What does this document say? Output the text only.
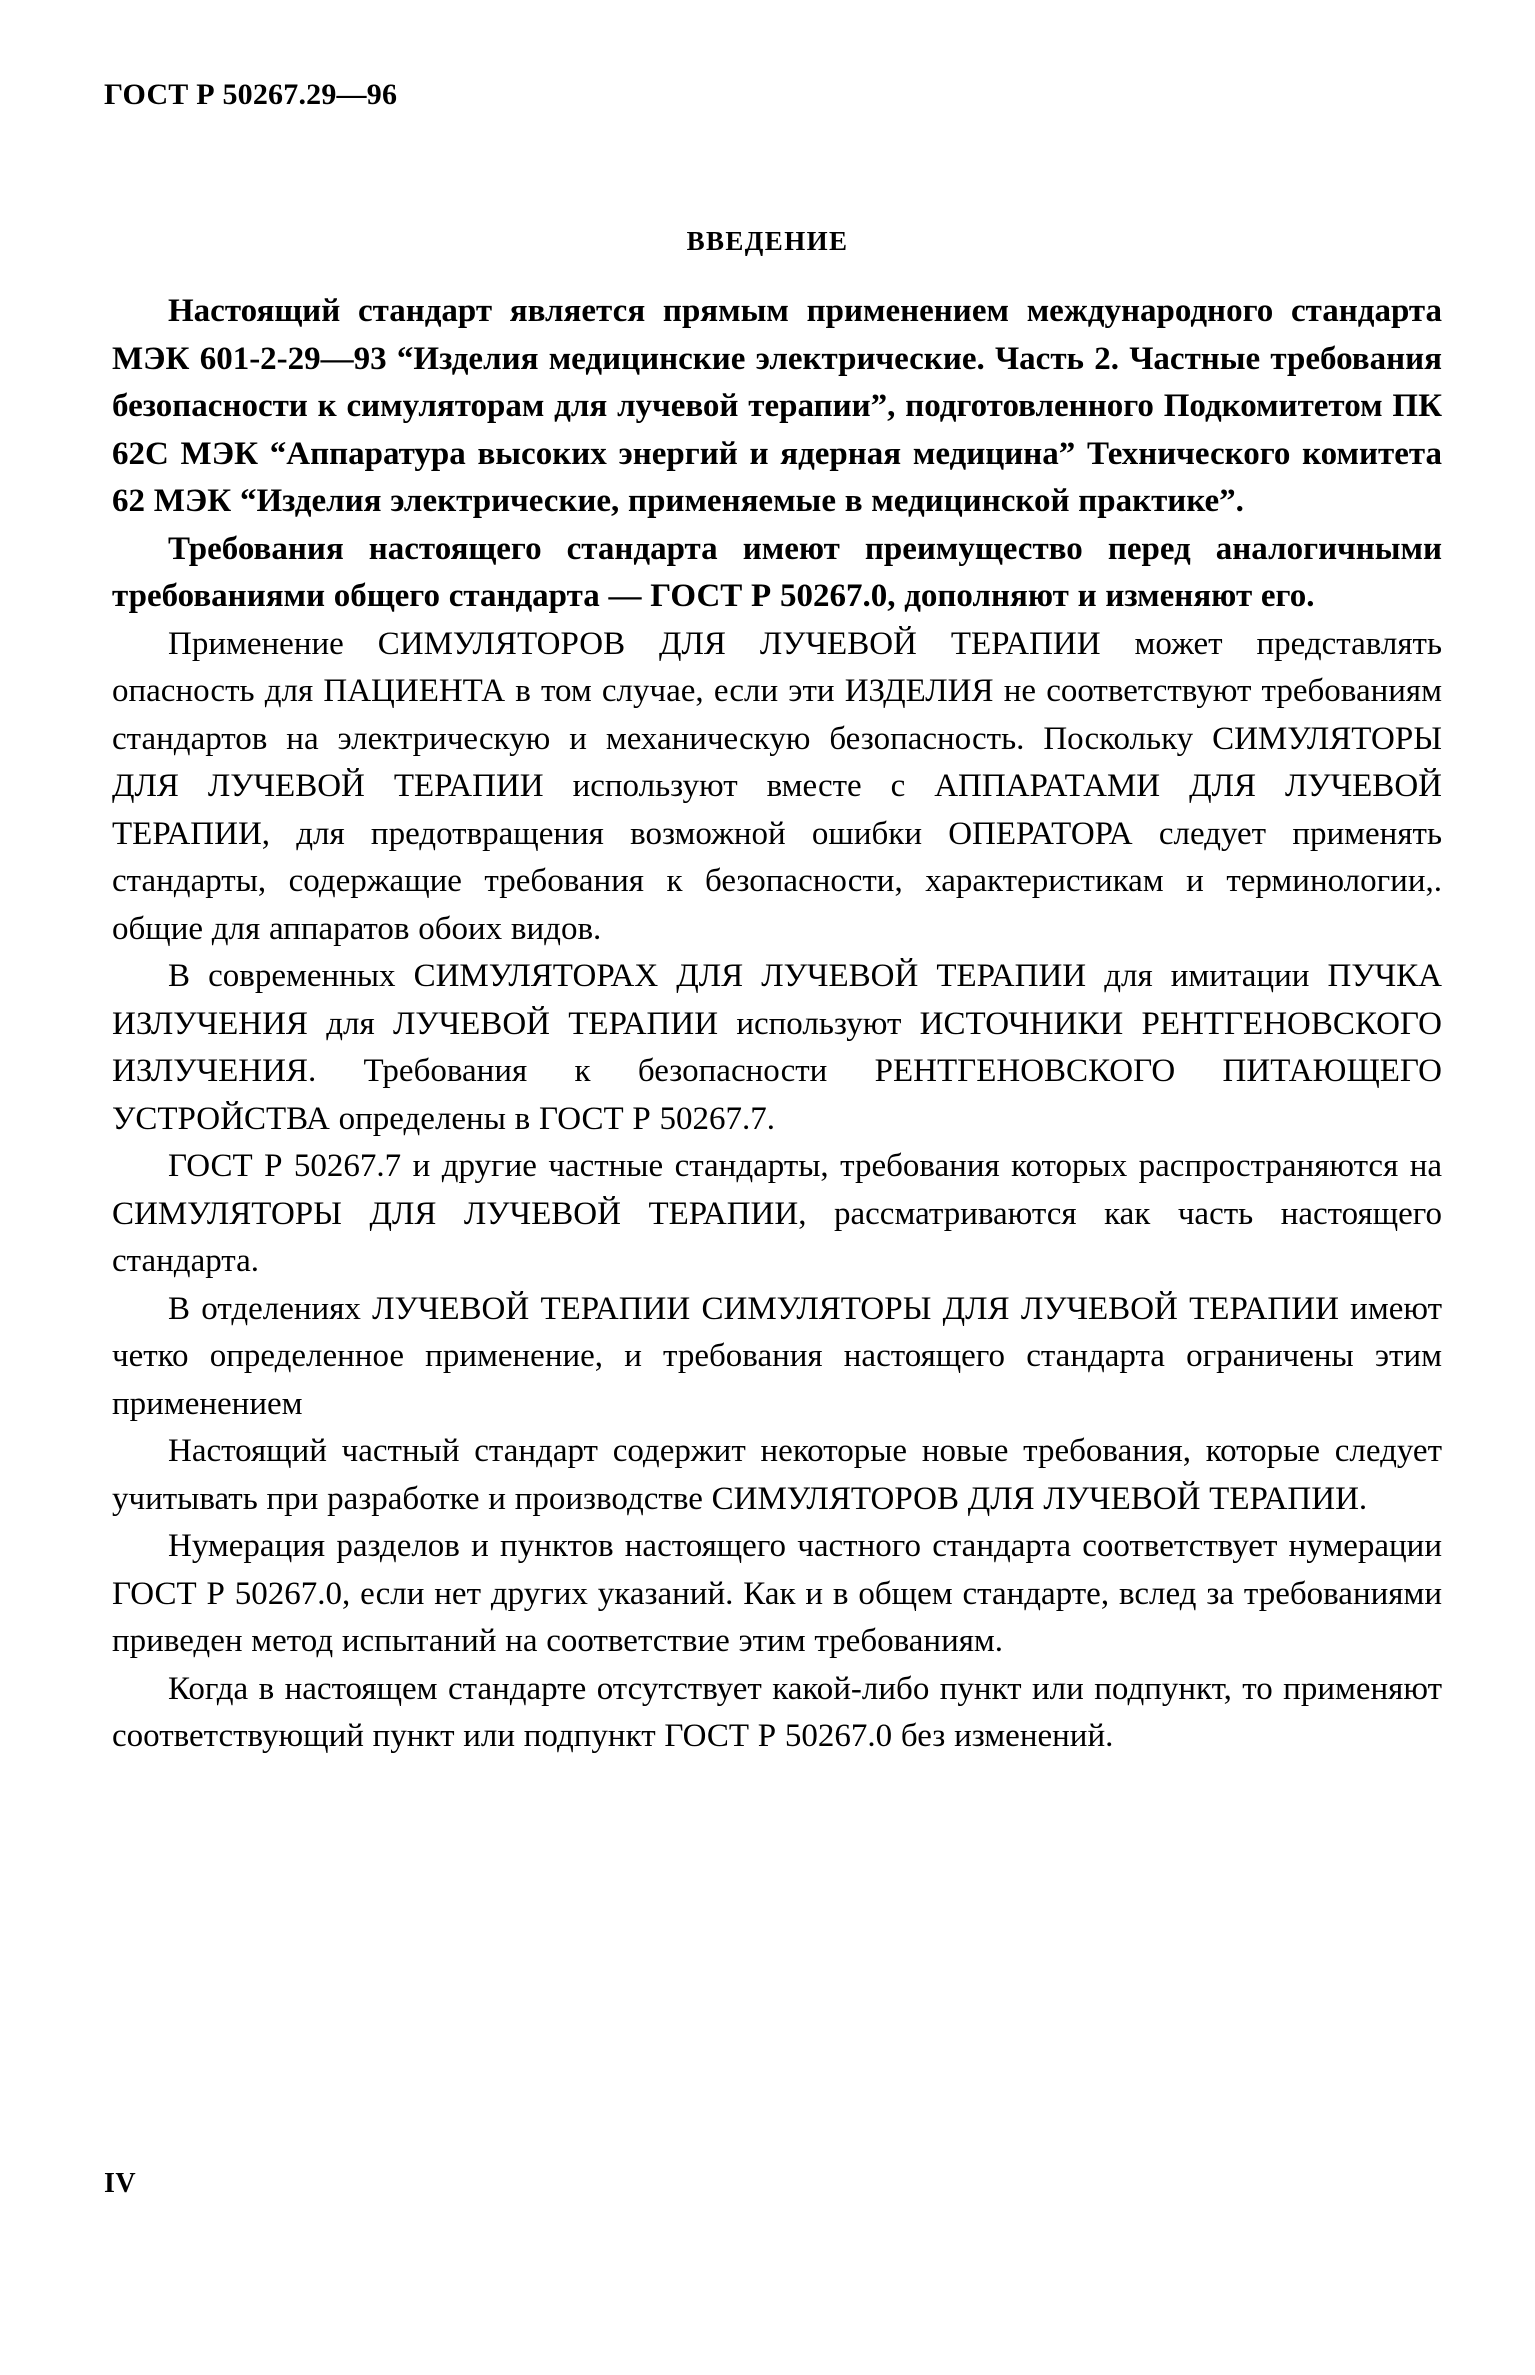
ГОСТ Р 50267.29—96
ВВЕДЕНИЕ

Настоящий стандарт является прямым применением международного стандарта МЭК 601-2-29—93 “Изделия медицинские электрические. Часть 2. Частные требования безопасности к симуляторам для лучевой терапии”, подготовленного Подкомитетом ПК 62С МЭК “Аппаратура высоких энергий и ядерная медицина” Технического комитета 62 МЭК “Изделия электрические, применяемые в медицинской практике”.

Требования настоящего стандарта имеют преимущество перед аналогичными требованиями общего стандарта — ГОСТ Р 50267.0, дополняют и изменяют его.

Применение СИМУЛЯТОРОВ ДЛЯ ЛУЧЕВОЙ ТЕРАПИИ может представлять опасность для ПАЦИЕНТА в том случае, если эти ИЗДЕЛИЯ не соответствуют требованиям стандартов на электрическую и механическую безопасность. Поскольку СИМУЛЯТОРЫ ДЛЯ ЛУЧЕВОЙ ТЕРАПИИ используют вместе с АППАРАТАМИ ДЛЯ ЛУЧЕВОЙ ТЕРАПИИ, для предотвращения возможной ошибки ОПЕРАТОРА следует применять стандарты, содержащие требования к безопасности, характеристикам и терминологии,. общие для аппаратов обоих видов.

В современных СИМУЛЯТОРАХ ДЛЯ ЛУЧЕВОЙ ТЕРАПИИ для имитации ПУЧКА ИЗЛУЧЕНИЯ для ЛУЧЕВОЙ ТЕРАПИИ используют ИСТОЧНИКИ РЕНТГЕНОВСКОГО ИЗЛУЧЕНИЯ. Требования к безопасности РЕНТГЕНОВСКОГО ПИТАЮЩЕГО УСТРОЙСТВА определены в ГОСТ Р 50267.7.

ГОСТ Р 50267.7 и другие частные стандарты, требования которых распространяются на СИМУЛЯТОРЫ ДЛЯ ЛУЧЕВОЙ ТЕРАПИИ, рассматриваются как часть настоящего стандарта.

В отделениях ЛУЧЕВОЙ ТЕРАПИИ СИМУЛЯТОРЫ ДЛЯ ЛУЧЕВОЙ ТЕРАПИИ имеют четко определенное применение, и требования настоящего стандарта ограничены этим применением

Настоящий частный стандарт содержит некоторые новые требования, которые следует учитывать при разработке и производстве СИМУЛЯТОРОВ ДЛЯ ЛУЧЕВОЙ ТЕРАПИИ.

Нумерация разделов и пунктов настоящего частного стандарта соответствует нумерации ГОСТ Р 50267.0, если нет других указаний. Как и в общем стандарте, вслед за требованиями приведен метод испытаний на соответствие этим требованиям.

Когда в настоящем стандарте отсутствует какой-либо пункт или подпункт, то применяют соответствующий пункт или подпункт ГОСТ Р 50267.0 без изменений.

IV
